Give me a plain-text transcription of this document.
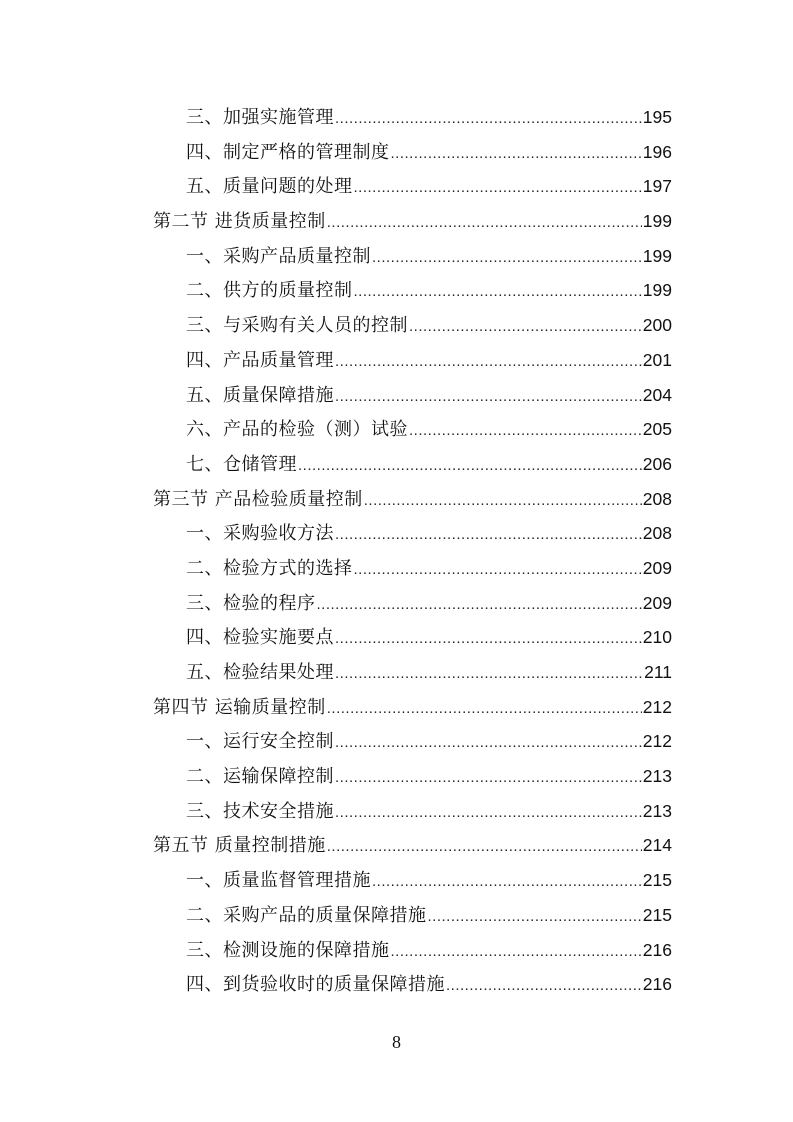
三、加强实施管理 .....	195
四、制定严格的管理制度 .....	196
五、质量问题的处理 .....	197
第二节 进货质量控制 .....	199
一、采购产品质量控制 .....	199
二、供方的质量控制 .....	199
三、与采购有关人员的控制 .....	200
四、产品质量管理 .....	201
五、质量保障措施 .....	204
六、产品的检验（测）试验 .....	205
七、仓储管理 .....	206
第三节 产品检验质量控制 .....	208
一、采购验收方法 .....	208
二、检验方式的选择 .....	209
三、检验的程序 .....	209
四、检验实施要点 .....	210
五、检验结果处理 .....	211
第四节 运输质量控制 .....	212
一、运行安全控制 .....	212
二、运输保障控制 .....	213
三、技术安全措施 .....	213
第五节 质量控制措施 .....	214
一、质量监督管理措施 .....	215
二、采购产品的质量保障措施 .....	215
三、检测设施的保障措施 .....	216
四、到货验收时的质量保障措施 .....	216
8
